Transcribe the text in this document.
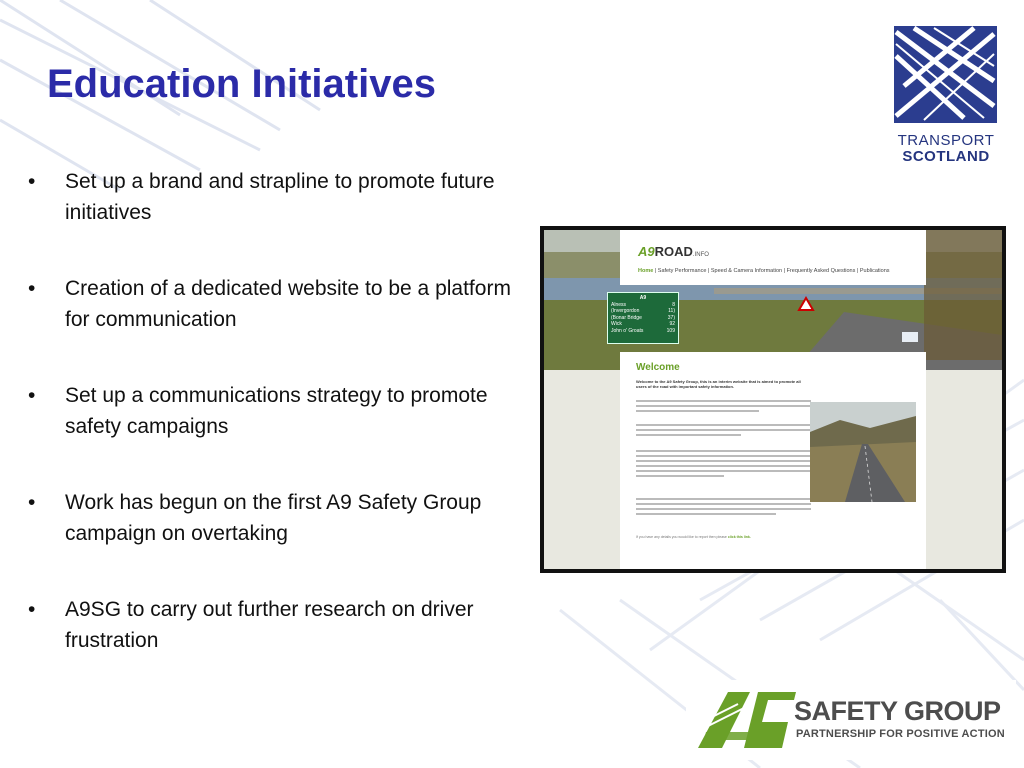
Education Initiatives
• Set up a brand and strapline to promote future initiatives
• Creation of a dedicated website to be a platform for communication
• Set up a communications strategy to promote safety campaigns
• Work has begun on the first A9 Safety Group campaign on overtaking
• A9SG to carry out further research on driver frustration
TRANSPORT
SCOTLAND
A9ROAD.INFO
Home | Safety Performance | Speed & Camera Information | Frequently Asked Questions | Publications
A9
Alness	8
(Invergordon	11)
(Bonar Bridge	37)
Wick	92
John o' Groats	109
Welcome
Welcome to the A9 Safety Group, this is an interim website that is aimed to promote all users of the road with important safety information.
If you have any details you would like to report then please click this link.
SAFETY GROUP
PARTNERSHIP FOR POSITIVE ACTION
